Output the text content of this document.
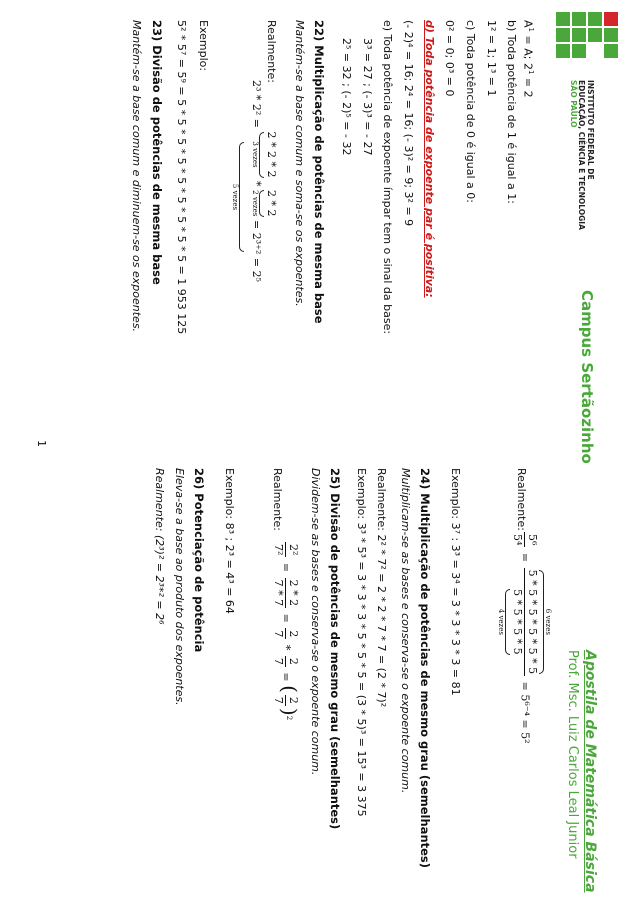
INSTITUTO FEDERAL DE
EDUCAÇÃO, CIÊNCIA E TECNOLOGIA
SÃO PAULO
Campus Sertãozinho
Apostila de Matemática Básica
Prof. Msc. Luiz Carlos Leal Junior
$A^1 = A$; $2^1 = 2$
b) Toda potência de 1 é igual a 1:
1² = 1; 1³ = 1
c) Toda potência de 0 é igual a 0:
0² = 0; 0³ = 0
d) Toda potência de expoente par é positiva:
(- 2)⁴ = 16; 2⁴ = 16; (- 3)² = 9; 3² = 9
e) Toda potência de expoente ímpar tem o sinal da base:
3³ = 27 ; (- 3)³ = - 27
2⁵ = 32 ; (- 2)⁵ = - 32
22) Multiplicação de potências de mesma base
Mantém-se a base comum e soma-se os expoentes.
Realmente:
2³ * 2² = 2 * 2 * 2
3 vezes
* 2 * 2
2 vezes
= 2³⁺² = 2⁵
5 vezes
Exemplo:
5² * 5⁷ = 5⁹ = 5 * 5 * 5 * 5 * 5 * 5 * 5 * 5 * 5 = 1 953 125
23) Divisão de potências de mesma base
Mantém-se a base comum e diminuem-se os expoentes.
Realmente:
5⁶
5⁴
=
6 vezes
5 * 5 * 5 * 5 * 5 * 5
5 * 5 * 5 * 5
4 vezes
= 5⁶⁻⁴ = 5²
Exemplo: 3⁷ : 3³ = 3⁴ = 3 * 3 * 3 * 3 = 81
24) Multiplicação de potências de mesmo grau (semelhantes)
Multiplicam-se as bases e conserva-se o expoente comum.
Realmente: 2² * 7² = 2 * 2 * 7 * 7 = (2 * 7)²
Exemplo: 3³ * 5³ = 3 * 3 * 3 * 5 * 5 * 5 = (3 * 5)³ = 15³ = 3 375
25) Divisão de potências de mesmo grau (semelhantes)
Dividem-se as bases e conserva-se o expoente comum.
Realmente:
2²
7²
=
2 * 2
7 * 7
=
2
7
*
2
7
= (
2
7
)$^2$
Exemplo: 8³ ; 2³ = 4³ = 64
26) Potenciação de potência
Eleva-se a base ao produto dos expoentes.
Realmente: (2³)² = 2³*² = 2⁶
1
